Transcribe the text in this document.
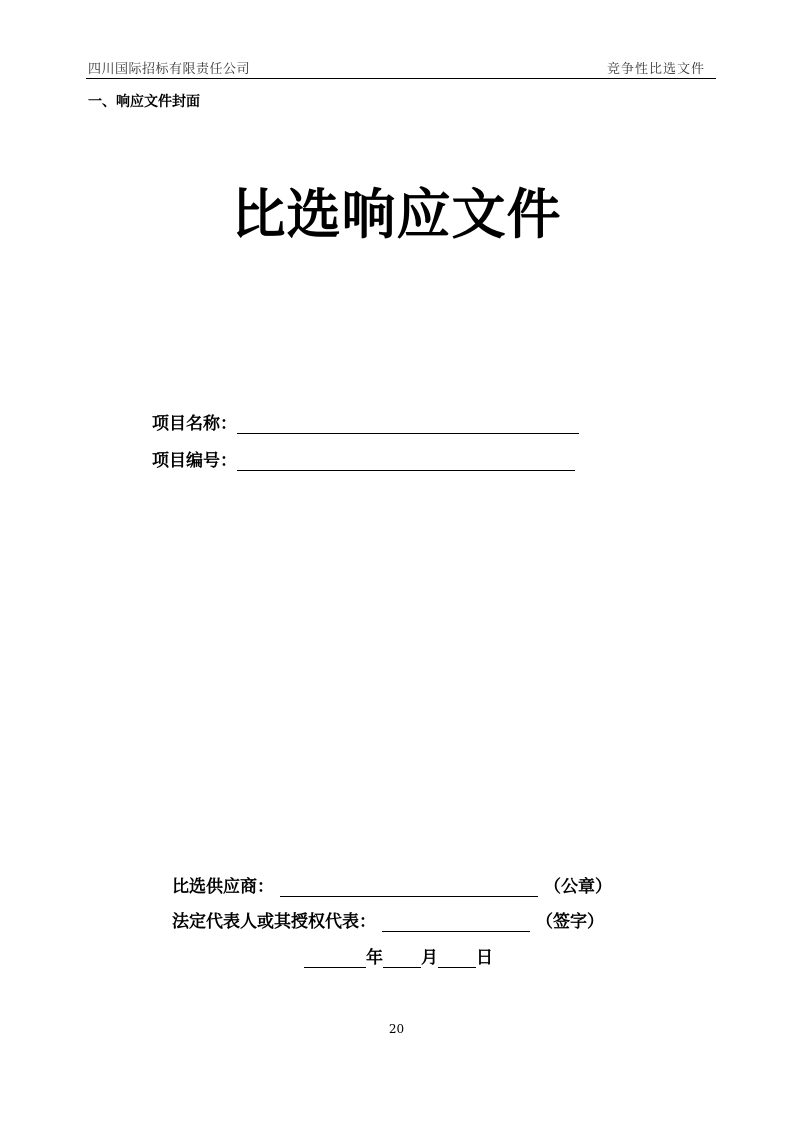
四川国际招标有限责任公司	竞争性比选文件
一、响应文件封面
比选响应文件
项目名称：
项目编号：
比选供应商：	（公章）
法定代表人或其授权代表：	（签字）
年 月 日
20
